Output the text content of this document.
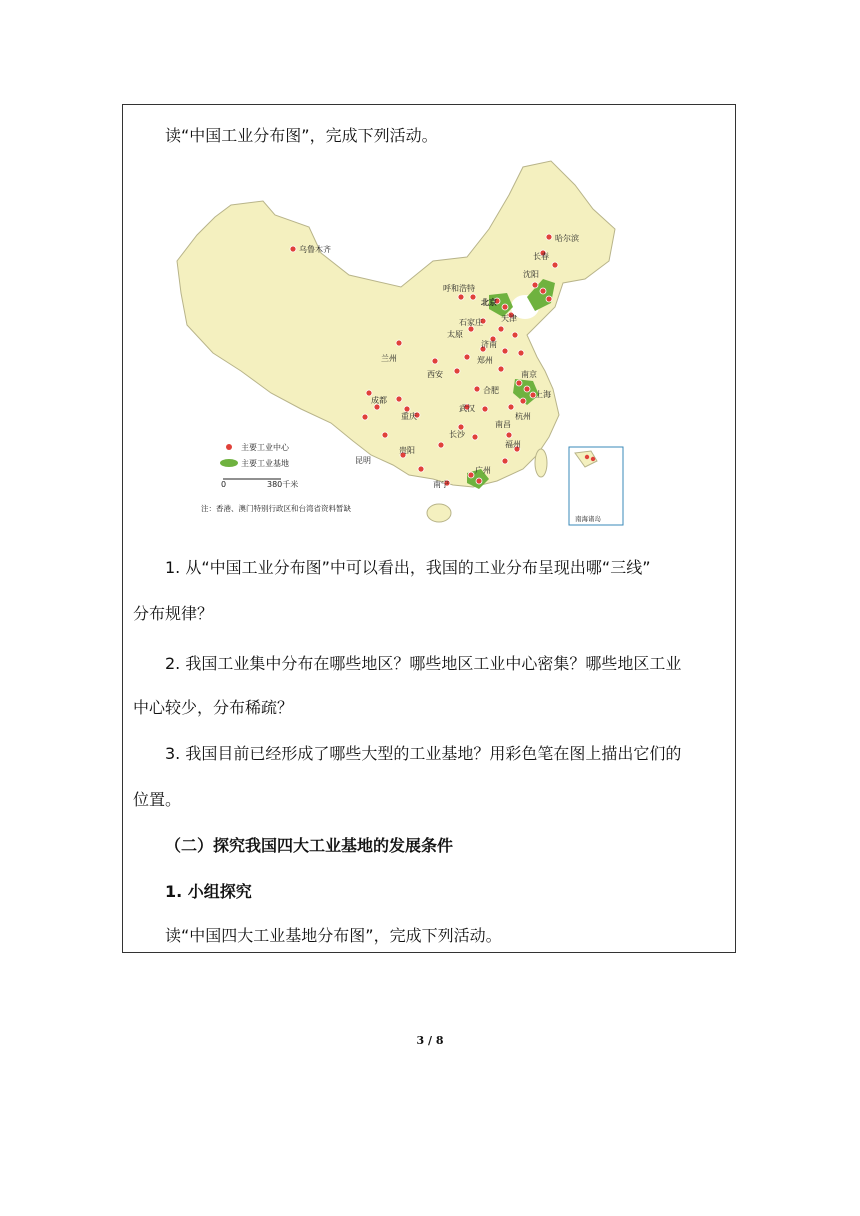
读“中国工业分布图”，完成下列活动。
乌鲁木齐
哈尔滨
长春
沈阳
呼和浩特
北京
天津
石家庄
太原
济南
兰州
西安
郑州
南京
合肥	上海
成都
重庆
武汉
杭州
南昌
长沙
福州
贵阳
昆明
广州
南宁
主要工业中心
主要工业基地
0	380千米
注：香港、澳门特别行政区和台湾省资料暂缺
南海诸岛
1. 从“中国工业分布图”中可以看出，我国的工业分布呈现出哪“三线”
分布规律？
2. 我国工业集中分布在哪些地区？哪些地区工业中心密集？哪些地区工业
中心较少，分布稀疏？
3. 我国目前已经形成了哪些大型的工业基地？用彩色笔在图上描出它们的
位置。
（二）探究我国四大工业基地的发展条件
1. 小组探究
读“中国四大工业基地分布图”，完成下列活动。
3 / 8
